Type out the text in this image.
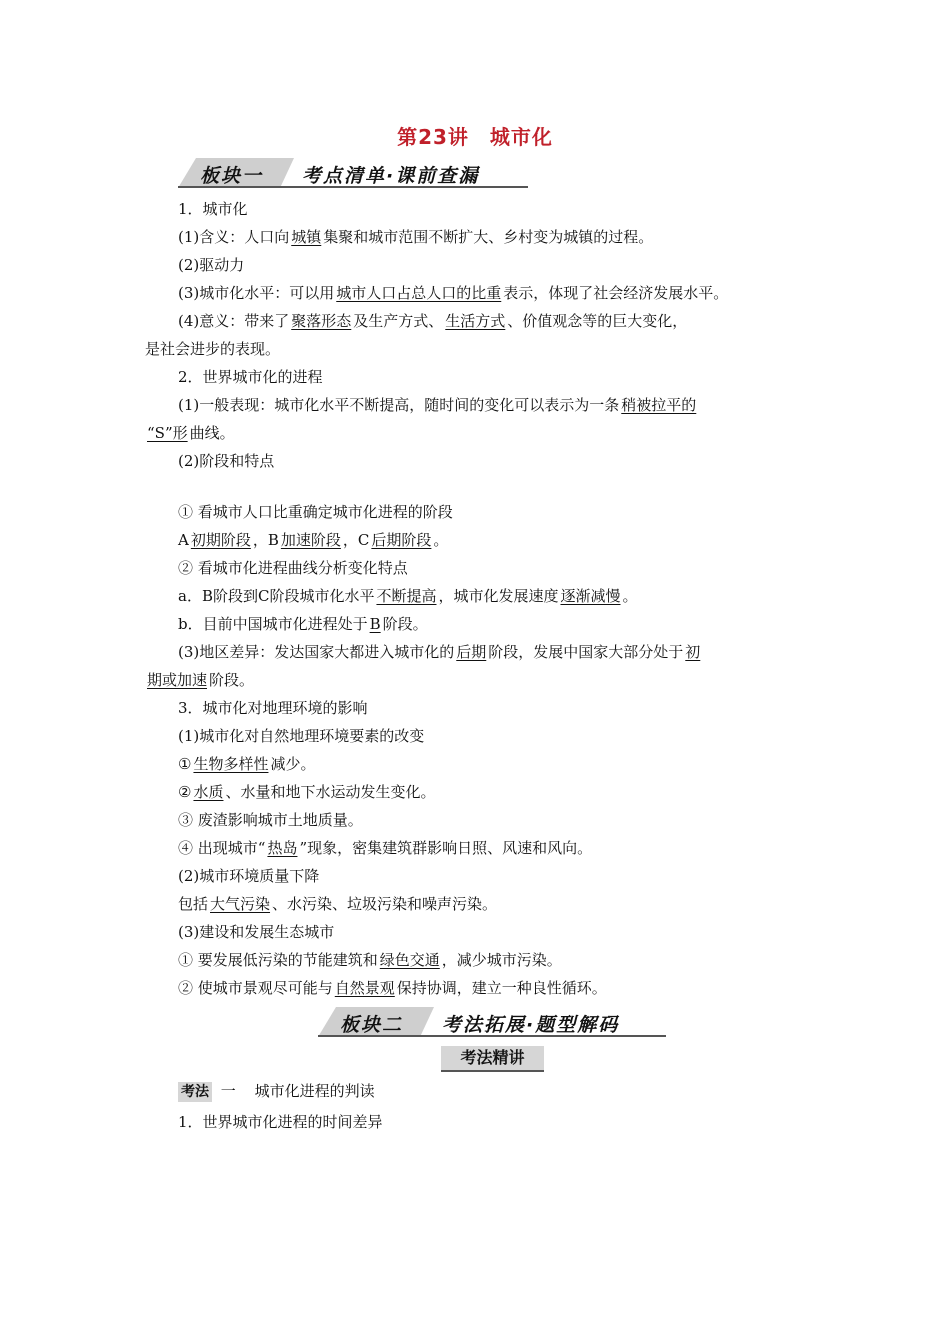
第23讲　城市化
板块一 考点清单·课前查漏
1．城市化
(1)含义：人口向 城镇 集聚和城市范围不断扩大、乡村变为城镇的过程。
(2)驱动力
(3)城市化水平：可以用 城市人口占总人口的比重 表示，体现了社会经济发展水平。
(4)意义：带来了 聚落形态 及生产方式、 生活方式 、价值观念等的巨大变化，
是社会进步的表现。
2．世界城市化的进程
(1)一般表现：城市化水平不断提高，随时间的变化可以表示为一条 稍被拉平的
“S”形 曲线。
(2)阶段和特点
① 看城市人口比重确定城市化进程的阶段
A 初期阶段 ，B 加速阶段 ，C 后期阶段 。
② 看城市化进程曲线分析变化特点
a．B阶段到C阶段城市化水平 不断提高 ，城市化发展速度 逐渐减慢 。
b．目前中国城市化进程处于 B 阶段。
(3)地区差异：发达国家大都进入城市化的 后期 阶段，发展中国家大部分处于 初
期或加速 阶段。
3．城市化对地理环境的影响
(1)城市化对自然地理环境要素的改变
① 生物多样性 减少。
② 水质 、水量和地下水运动发生变化。
③ 废渣影响城市土地质量。
④ 出现城市“ 热岛 ”现象，密集建筑群影响日照、风速和风向。
(2)城市环境质量下降
包括 大气污染 、水污染、垃圾污染和噪声污染。
(3)建设和发展生态城市
① 要发展低污染的节能建筑和 绿色交通 ，减少城市污染。
② 使城市景观尽可能与 自然景观 保持协调，建立一种良性循环。
板块二 考法拓展·题型解码
考法精讲
考法 一 城市化进程的判读
1．世界城市化进程的时间差异
